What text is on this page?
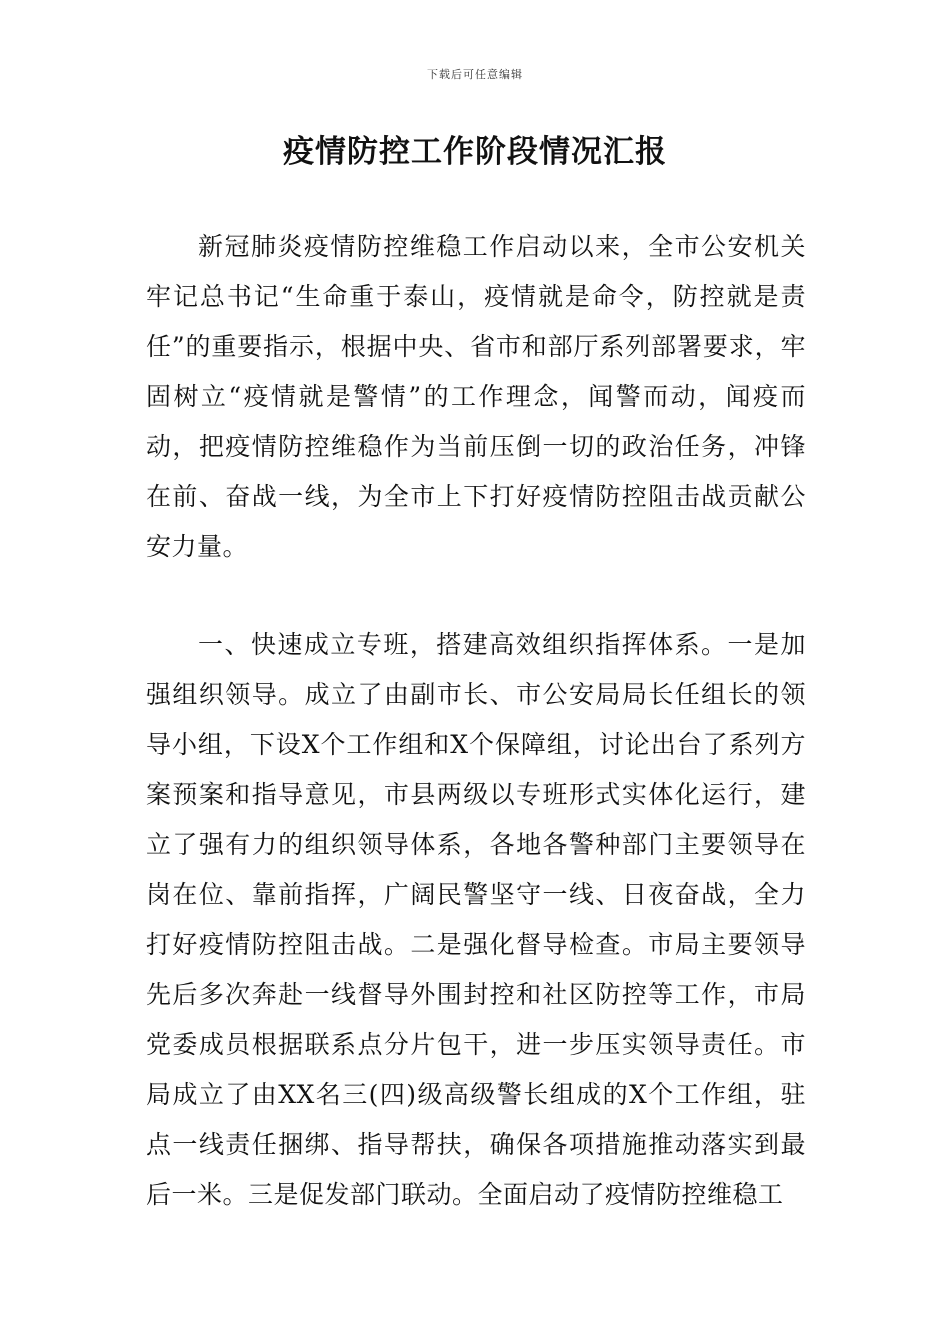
下载后可任意编辑
疫情防控工作阶段情况汇报

新冠肺炎疫情防控维稳工作启动以来，全市公安机关牢记总书记“生命重于泰山，疫情就是命令，防控就是责任”的重要指示，根据中央、省市和部厅系列部署要求，牢固树立“疫情就是警情”的工作理念，闻警而动，闻疫而动，把疫情防控维稳作为当前压倒一切的政治任务，冲锋在前、奋战一线，为全市上下打好疫情防控阻击战贡献公安力量。

一、快速成立专班，搭建高效组织指挥体系。一是加强组织领导。成立了由副市长、市公安局局长任组长的领导小组，下设X个工作组和X个保障组，讨论出台了系列方案预案和指导意见，市县两级以专班形式实体化运行，建立了强有力的组织领导体系，各地各警种部门主要领导在岗在位、靠前指挥，广阔民警坚守一线、日夜奋战，全力打好疫情防控阻击战。二是强化督导检查。市局主要领导先后多次奔赴一线督导外围封控和社区防控等工作，市局党委成员根据联系点分片包干，进一步压实领导责任。市局成立了由XX名三(四)级高级警长组成的X个工作组，驻点一线责任捆绑、指导帮扶，确保各项措施推动落实到最后一米。三是促发部门联动。全面启动了疫情防控维稳工
